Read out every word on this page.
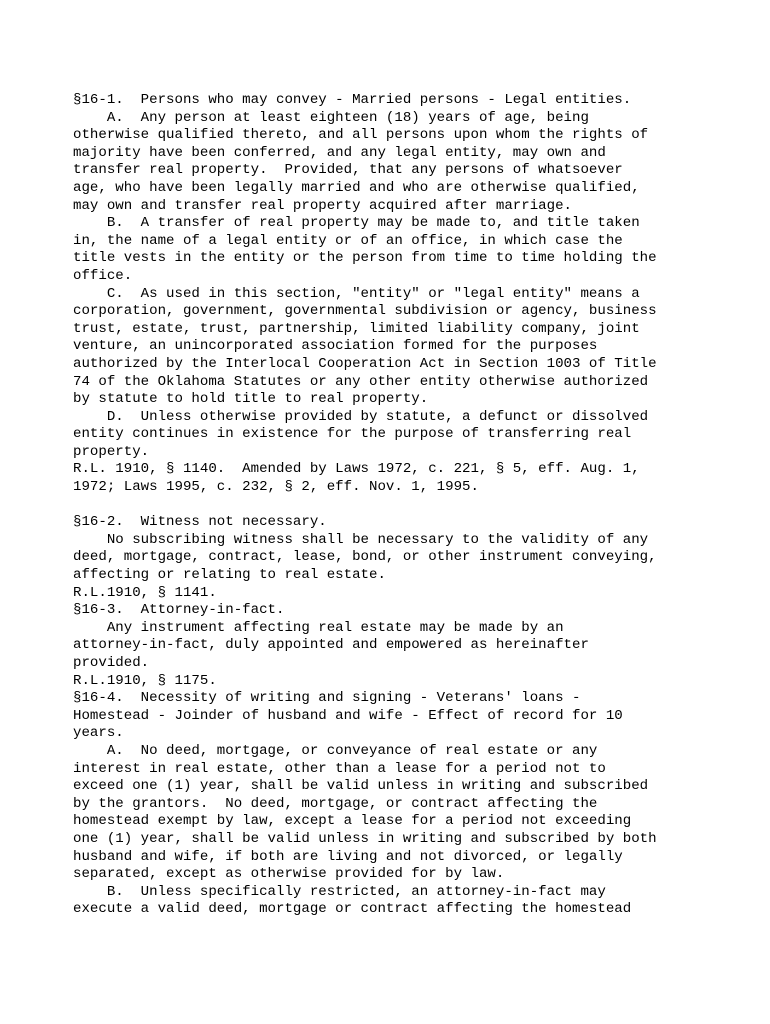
§16-1.  Persons who may convey - Married persons - Legal entities.
A.  Any person at least eighteen (18) years of age, being
otherwise qualified thereto, and all persons upon whom the rights of
majority have been conferred, and any legal entity, may own and
transfer real property.  Provided, that any persons of whatsoever
age, who have been legally married and who are otherwise qualified,
may own and transfer real property acquired after marriage.
B.  A transfer of real property may be made to, and title taken
in, the name of a legal entity or of an office, in which case the
title vests in the entity or the person from time to time holding the
office.
C.  As used in this section, "entity" or "legal entity" means a
corporation, government, governmental subdivision or agency, business
trust, estate, trust, partnership, limited liability company, joint
venture, an unincorporated association formed for the purposes
authorized by the Interlocal Cooperation Act in Section 1003 of Title
74 of the Oklahoma Statutes or any other entity otherwise authorized
by statute to hold title to real property.
D.  Unless otherwise provided by statute, a defunct or dissolved
entity continues in existence for the purpose of transferring real
property.
R.L. 1910, § 1140.  Amended by Laws 1972, c. 221, § 5, eff. Aug. 1,
1972; Laws 1995, c. 232, § 2, eff. Nov. 1, 1995.
§16-2.  Witness not necessary.
No subscribing witness shall be necessary to the validity of any
deed, mortgage, contract, lease, bond, or other instrument conveying,
affecting or relating to real estate.
R.L.1910, § 1141.
§16-3.  Attorney-in-fact.
Any instrument affecting real estate may be made by an
attorney-in-fact, duly appointed and empowered as hereinafter
provided.
R.L.1910, § 1175.
§16-4.  Necessity of writing and signing - Veterans' loans -
Homestead - Joinder of husband and wife - Effect of record for 10
years.
A.  No deed, mortgage, or conveyance of real estate or any
interest in real estate, other than a lease for a period not to
exceed one (1) year, shall be valid unless in writing and subscribed
by the grantors.  No deed, mortgage, or contract affecting the
homestead exempt by law, except a lease for a period not exceeding
one (1) year, shall be valid unless in writing and subscribed by both
husband and wife, if both are living and not divorced, or legally
separated, except as otherwise provided for by law.
B.  Unless specifically restricted, an attorney-in-fact may
execute a valid deed, mortgage or contract affecting the homestead
